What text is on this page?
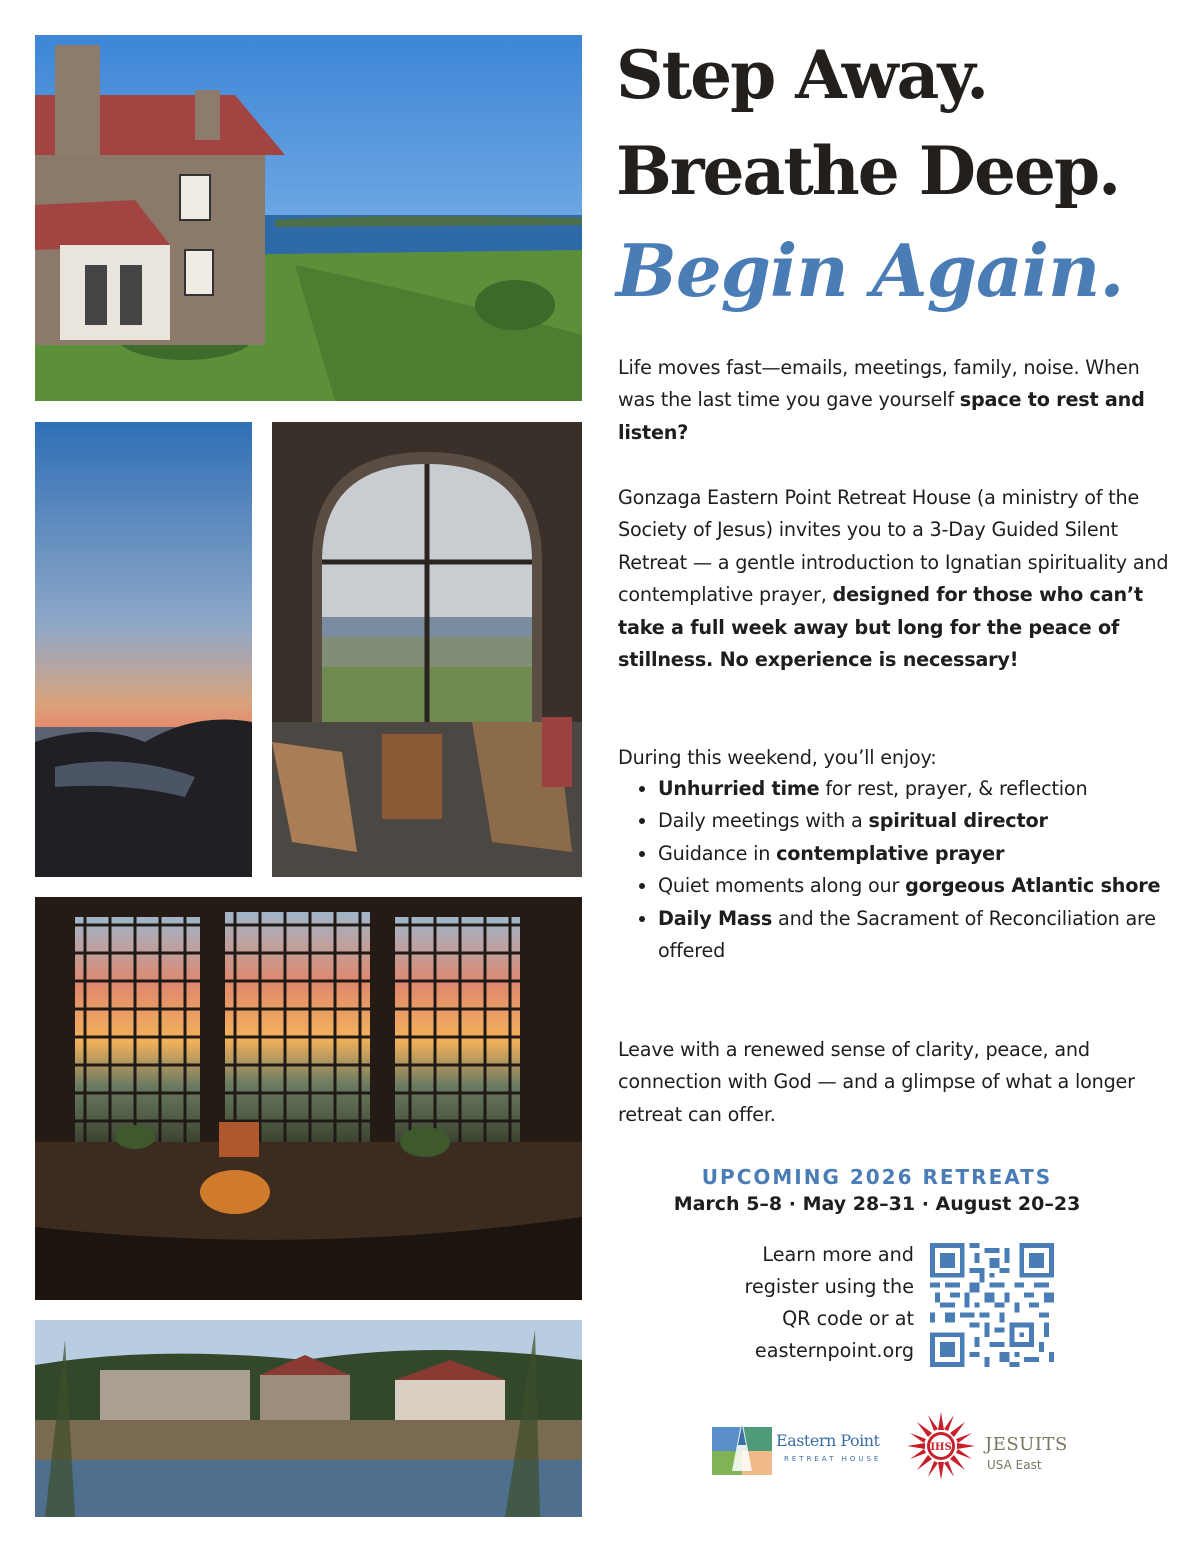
Step Away.
Breathe Deep.
Begin Again.

Life moves fast—emails, meetings, family, noise. When was the last time you gave yourself space to rest and listen?

Gonzaga Eastern Point Retreat House (a ministry of the Society of Jesus) invites you to a 3-Day Guided Silent Retreat — a gentle introduction to Ignatian spirituality and contemplative prayer, designed for those who can’t take a full week away but long for the peace of stillness. No experience is necessary!

During this weekend, you’ll enjoy:

• Unhurried time for rest, prayer, & reflection
• Daily meetings with a spiritual director
• Guidance in contemplative prayer
• Quiet moments along our gorgeous Atlantic shore
• Daily Mass and the Sacrament of Reconciliation are offered

Leave with a renewed sense of clarity, peace, and connection with God — and a glimpse of what a longer retreat can offer.

UPCOMING 2026 RETREATS

March 5–8 · May 28–31 · August 20–23

Learn more and
register using the
QR code or at
easternpoint.org

Eastern Point
RETREAT HOUSE
IHS JESUITS
USA East
